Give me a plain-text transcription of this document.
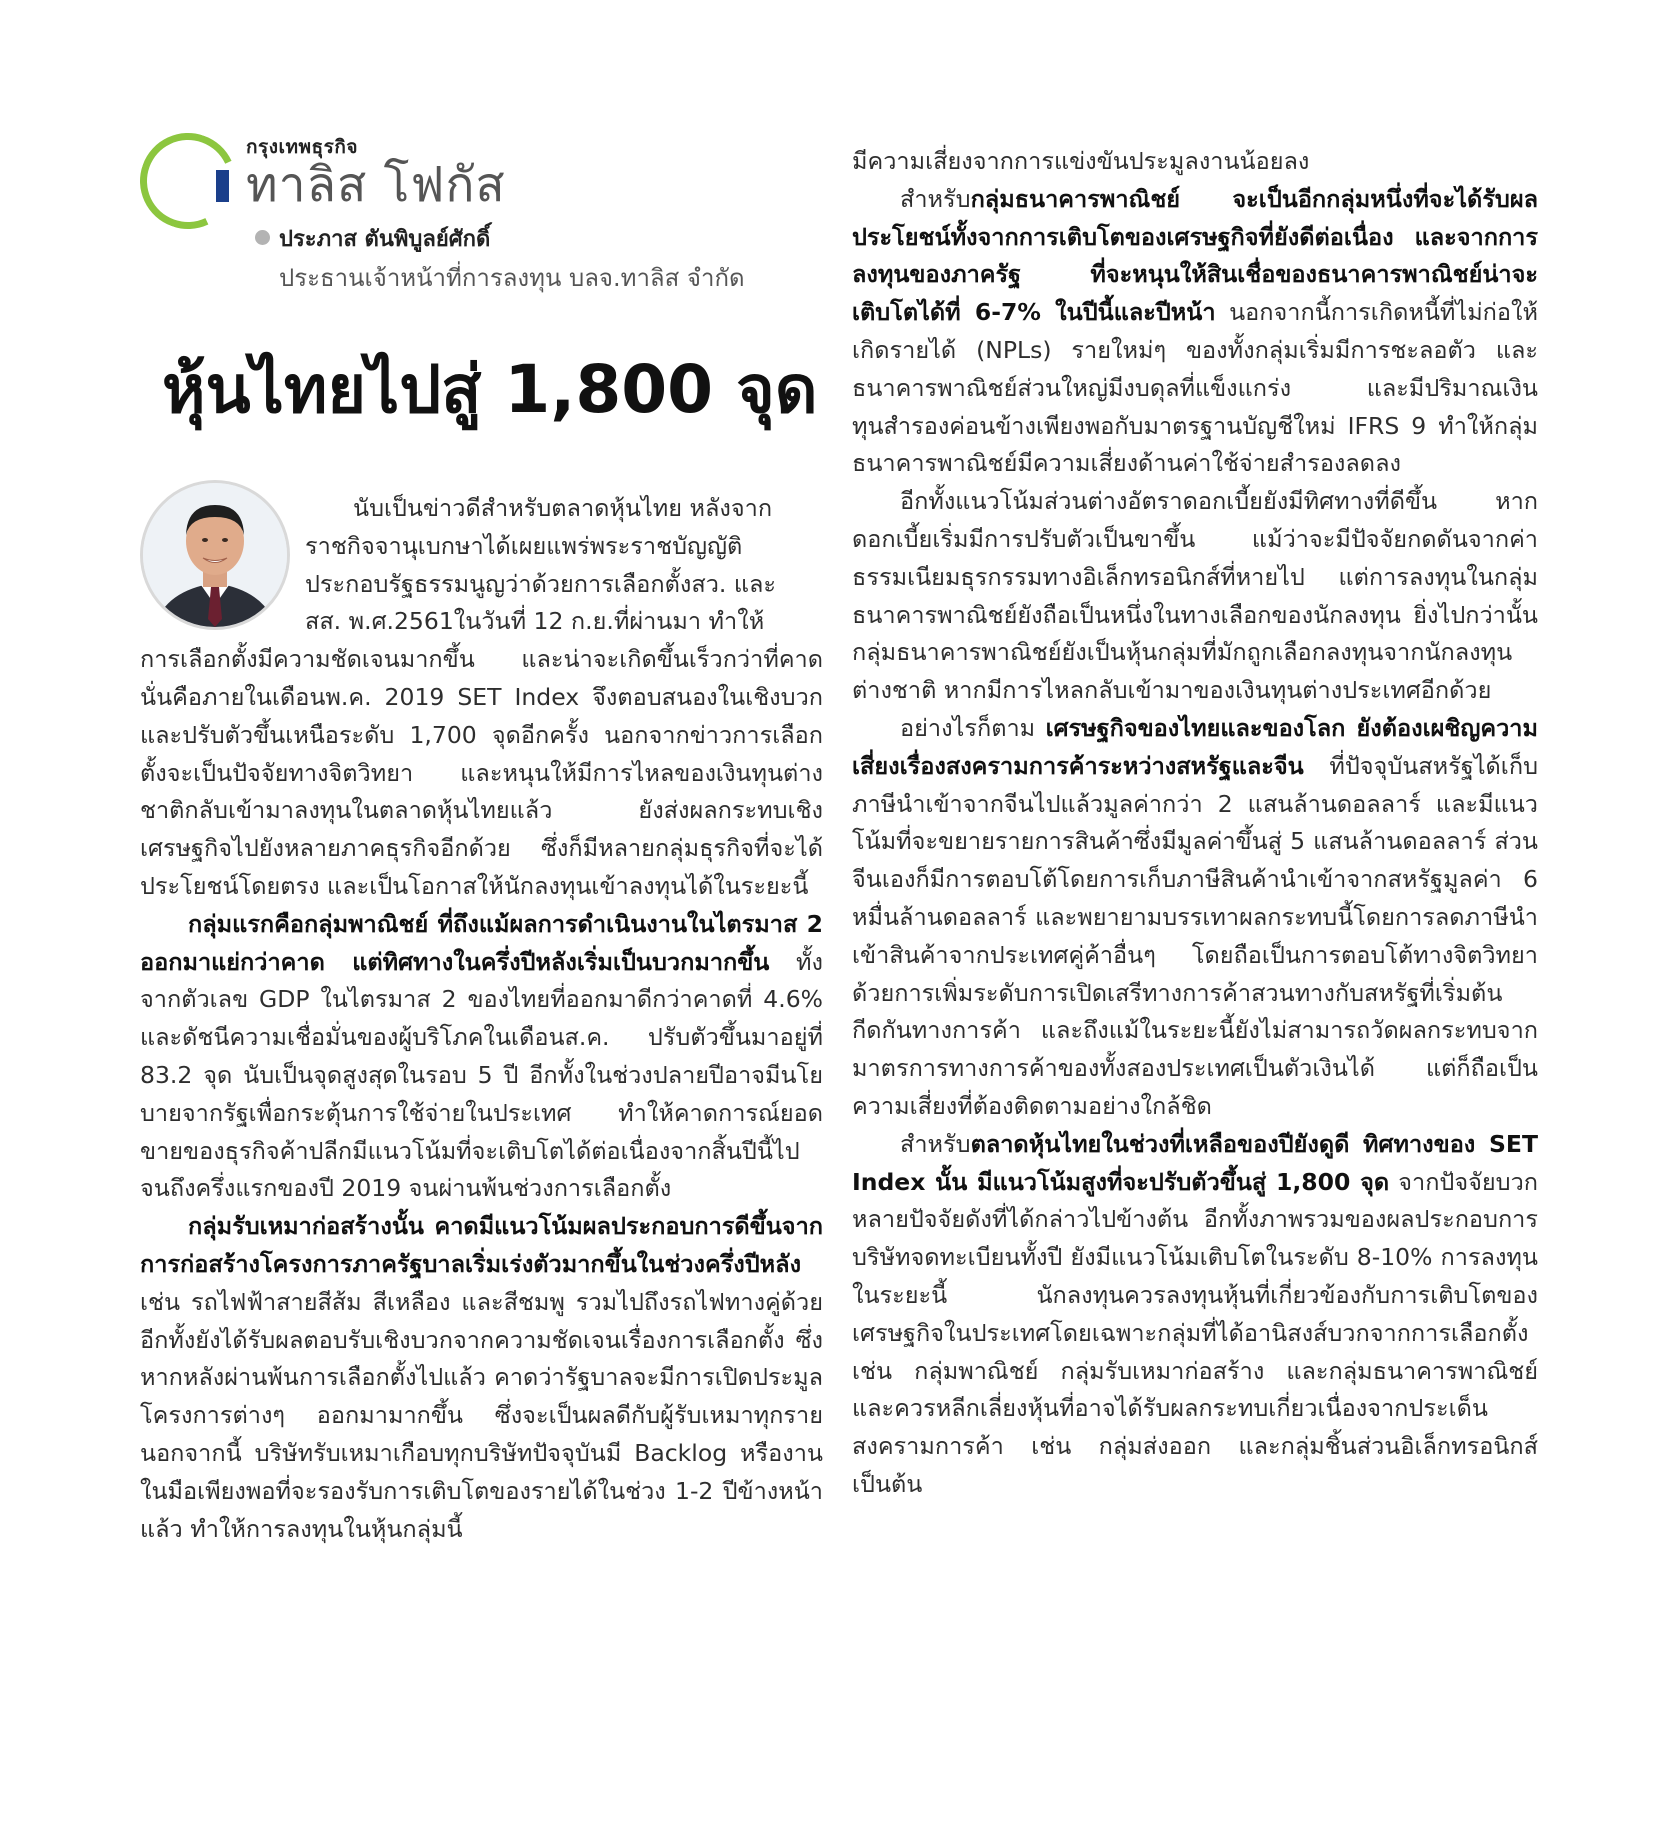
กรุงเทพธุรกิจ
ทาลิส โฟกัส
ประภาส ตันพิบูลย์ศักดิ์
ประธานเจ้าหน้าที่การลงทุน บลจ.ทาลิส จำกัด
หุ้นไทยไปสู่ 1,800 จุด

นับเป็นข่าวดีสำหรับตลาดหุ้นไทย หลังจาก

ราชกิจจานุเบกษาได้เผยแพร่พระราชบัญญัติ

ประกอบรัฐธรรมนูญว่าด้วยการเลือกตั้งสว. และ

สส. พ.ศ.2561ในวันที่ 12 ก.ย.ที่ผ่านมา ทำให้

การเลือกตั้งมีความชัดเจนมากขึ้น และน่าจะเกิดขึ้นเร็วกว่าที่คาด นั่นคือภายในเดือนพ.ค. 2019 SET Index จึงตอบสนองในเชิงบวกและปรับตัวขึ้นเหนือระดับ 1,700 จุดอีกครั้ง นอกจากข่าวการเลือกตั้งจะเป็นปัจจัยทางจิตวิทยา และหนุนให้มีการไหลของเงินทุนต่างชาติกลับเข้ามาลงทุนในตลาดหุ้นไทยแล้ว ยังส่งผลกระทบเชิงเศรษฐกิจไปยังหลายภาคธุรกิจอีกด้วย ซึ่งก็มีหลายกลุ่มธุรกิจที่จะได้ประโยชน์โดยตรง และเป็นโอกาสให้นักลงทุนเข้าลงทุนได้ในระยะนี้

กลุ่มแรกคือกลุ่มพาณิชย์ ที่ถึงแม้ผลการดำเนินงานในไตรมาส 2 ออกมาแย่กว่าคาด แต่ทิศทางในครึ่งปีหลังเริ่มเป็นบวกมากขึ้น ทั้งจากตัวเลข GDP ในไตรมาส 2 ของไทยที่ออกมาดีกว่าคาดที่ 4.6% และดัชนีความเชื่อมั่นของผู้บริโภคในเดือนส.ค. ปรับตัวขึ้นมาอยู่ที่ 83.2 จุด นับเป็นจุดสูงสุดในรอบ 5 ปี อีกทั้งในช่วงปลายปีอาจมีนโยบายจากรัฐเพื่อกระตุ้นการใช้จ่ายในประเทศ ทำให้คาดการณ์ยอดขายของธุรกิจค้าปลีกมีแนวโน้มที่จะเติบโตได้ต่อเนื่องจากสิ้นปีนี้ไปจนถึงครึ่งแรกของปี 2019 จนผ่านพ้นช่วงการเลือกตั้ง

กลุ่มรับเหมาก่อสร้างนั้น คาดมีแนวโน้มผลประกอบการดีขึ้นจากการก่อสร้างโครงการภาครัฐบาลเริ่มเร่งตัวมากขึ้นในช่วงครึ่งปีหลัง เช่น รถไฟฟ้าสายสีส้ม สีเหลือง และสีชมพู รวมไปถึงรถไฟทางคู่ด้วย อีกทั้งยังได้รับผลตอบรับเชิงบวกจากความชัดเจนเรื่องการเลือกตั้ง ซึ่งหากหลังผ่านพ้นการเลือกตั้งไปแล้ว คาดว่ารัฐบาลจะมีการเปิดประมูลโครงการต่างๆ ออกมามากขึ้น ซึ่งจะเป็นผลดีกับผู้รับเหมาทุกราย นอกจากนี้ บริษัทรับเหมาเกือบทุกบริษัทปัจจุบันมี Backlog หรืองานในมือเพียงพอที่จะรองรับการเติบโตของรายได้ในช่วง 1-2 ปีข้างหน้าแล้ว ทำให้การลงทุนในหุ้นกลุ่มนี้

มีความเสี่ยงจากการแข่งขันประมูลงานน้อยลง

สำหรับกลุ่มธนาคารพาณิชย์ จะเป็นอีกกลุ่มหนึ่งที่จะได้รับผลประโยชน์ทั้งจากการเติบโตของเศรษฐกิจที่ยังดีต่อเนื่อง และจากการลงทุนของภาครัฐ ที่จะหนุนให้สินเชื่อของธนาคารพาณิชย์น่าจะเติบโตได้ที่ 6-7% ในปีนี้และปีหน้า นอกจากนี้การเกิดหนี้ที่ไม่ก่อให้เกิดรายได้ (NPLs) รายใหม่ๆ ของทั้งกลุ่มเริ่มมีการชะลอตัว และธนาคารพาณิชย์ส่วนใหญ่มีงบดุลที่แข็งแกร่ง และมีปริมาณเงินทุนสำรองค่อนข้างเพียงพอกับมาตรฐานบัญชีใหม่ IFRS 9 ทำให้กลุ่มธนาคารพาณิชย์มีความเสี่ยงด้านค่าใช้จ่ายสำรองลดลง

อีกทั้งแนวโน้มส่วนต่างอัตราดอกเบี้ยยังมีทิศทางที่ดีขึ้น หากดอกเบี้ยเริ่มมีการปรับตัวเป็นขาขึ้น แม้ว่าจะมีปัจจัยกดดันจากค่าธรรมเนียมธุรกรรมทางอิเล็กทรอนิกส์ที่หายไป แต่การลงทุนในกลุ่มธนาคารพาณิชย์ยังถือเป็นหนึ่งในทางเลือกของนักลงทุน ยิ่งไปกว่านั้น กลุ่มธนาคารพาณิชย์ยังเป็นหุ้นกลุ่มที่มักถูกเลือกลงทุนจากนักลงทุนต่างชาติ หากมีการไหลกลับเข้ามาของเงินทุนต่างประเทศอีกด้วย

อย่างไรก็ตาม เศรษฐกิจของไทยและของโลก ยังต้องเผชิญความเสี่ยงเรื่องสงครามการค้าระหว่างสหรัฐและจีน ที่ปัจจุบันสหรัฐได้เก็บภาษีนำเข้าจากจีนไปแล้วมูลค่ากว่า 2 แสนล้านดอลลาร์ และมีแนวโน้มที่จะขยายรายการสินค้าซึ่งมีมูลค่าขึ้นสู่ 5 แสนล้านดอลลาร์ ส่วนจีนเองก็มีการตอบโต้โดยการเก็บภาษีสินค้านำเข้าจากสหรัฐมูลค่า 6 หมื่นล้านดอลลาร์ และพยายามบรรเทาผลกระทบนี้โดยการลดภาษีนำเข้าสินค้าจากประเทศคู่ค้าอื่นๆ โดยถือเป็นการตอบโต้ทางจิตวิทยาด้วยการเพิ่มระดับการเปิดเสรีทางการค้าสวนทางกับสหรัฐที่เริ่มต้นกีดกันทางการค้า และถึงแม้ในระยะนี้ยังไม่สามารถวัดผลกระทบจากมาตรการทางการค้าของทั้งสองประเทศเป็นตัวเงินได้ แต่ก็ถือเป็นความเสี่ยงที่ต้องติดตามอย่างใกล้ชิด

สำหรับตลาดหุ้นไทยในช่วงที่เหลือของปียังดูดี ทิศทางของ SET Index นั้น มีแนวโน้มสูงที่จะปรับตัวขึ้นสู่ 1,800 จุด จากปัจจัยบวกหลายปัจจัยดังที่ได้กล่าวไปข้างต้น อีกทั้งภาพรวมของผลประกอบการบริษัทจดทะเบียนทั้งปี ยังมีแนวโน้มเติบโตในระดับ 8-10% การลงทุนในระยะนี้ นักลงทุนควรลงทุนหุ้นที่เกี่ยวข้องกับการเติบโตของเศรษฐกิจในประเทศโดยเฉพาะกลุ่มที่ได้อานิสงส์บวกจากการเลือกตั้ง เช่น กลุ่มพาณิชย์ กลุ่มรับเหมาก่อสร้าง และกลุ่มธนาคารพาณิชย์ และควรหลีกเลี่ยงหุ้นที่อาจได้รับผลกระทบเกี่ยวเนื่องจากประเด็นสงครามการค้า เช่น กลุ่มส่งออก และกลุ่มชิ้นส่วนอิเล็กทรอนิกส์ เป็นต้น
